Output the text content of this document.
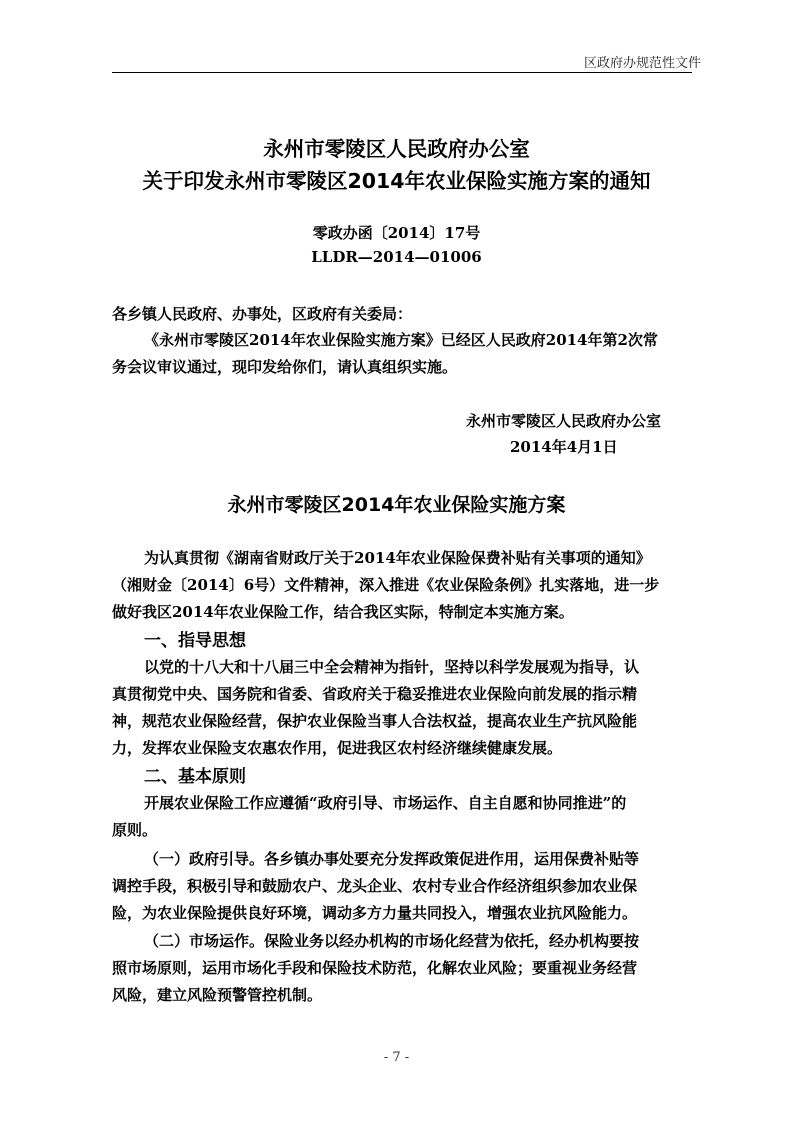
区政府办规范性文件
永州市零陵区人民政府办公室
关于印发永州市零陵区2014年农业保险实施方案的通知
零政办函〔2014〕17号
LLDR—2014—01006
各乡镇人民政府、办事处，区政府有关委局：
《永州市零陵区2014年农业保险实施方案》已经区人民政府2014年第2次常
务会议审议通过，现印发给你们，请认真组织实施。
永州市零陵区人民政府办公室
2014年4月1日
永州市零陵区2014年农业保险实施方案
为认真贯彻《湖南省财政厅关于2014年农业保险保费补贴有关事项的通知》
（湘财金〔2014〕6号）文件精神，深入推进《农业保险条例》扎实落地，进一步
做好我区2014年农业保险工作，结合我区实际，特制定本实施方案。
一、指导思想
以党的十八大和十八届三中全会精神为指针，坚持以科学发展观为指导，认
真贯彻党中央、国务院和省委、省政府关于稳妥推进农业保险向前发展的指示精
神，规范农业保险经营，保护农业保险当事人合法权益，提高农业生产抗风险能
力，发挥农业保险支农惠农作用，促进我区农村经济继续健康发展。
二、基本原则
开展农业保险工作应遵循“政府引导、市场运作、自主自愿和协同推进”的
原则。
（一）政府引导。各乡镇办事处要充分发挥政策促进作用，运用保费补贴等
调控手段，积极引导和鼓励农户、龙头企业、农村专业合作经济组织参加农业保
险，为农业保险提供良好环境，调动多方力量共同投入，增强农业抗风险能力。
（二）市场运作。保险业务以经办机构的市场化经营为依托，经办机构要按
照市场原则，运用市场化手段和保险技术防范，化解农业风险；要重视业务经营
风险，建立风险预警管控机制。
- 7 -
